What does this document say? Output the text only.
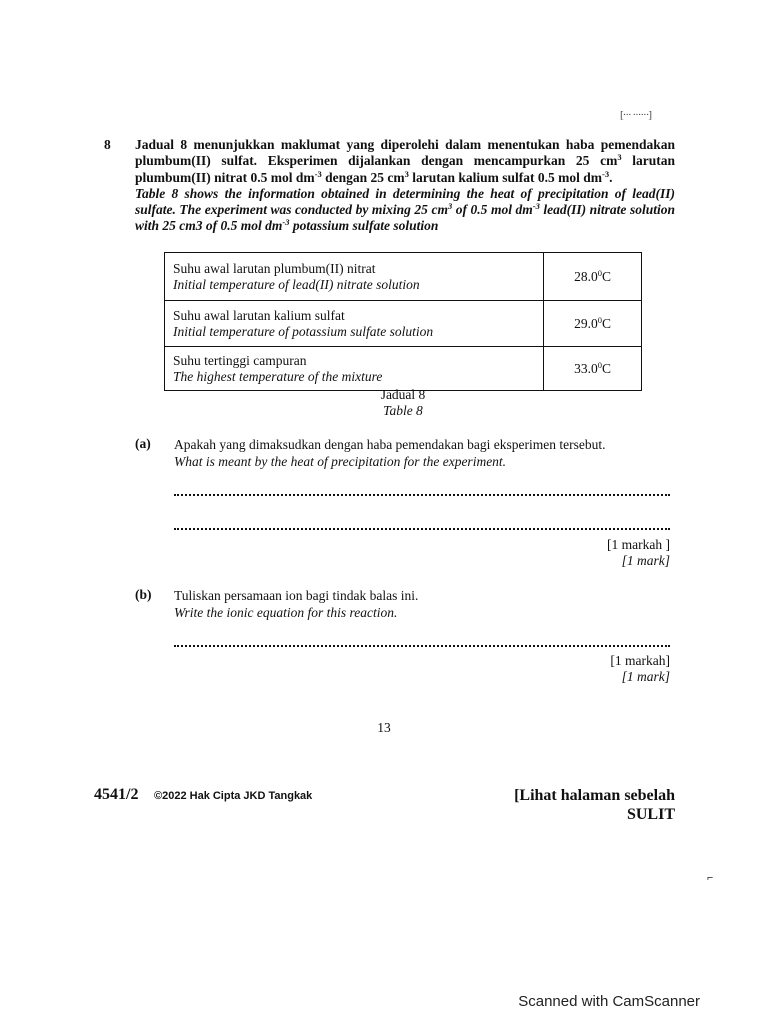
[··· ······]
8 Jadual 8 menunjukkan maklumat yang diperolehi dalam menentukan haba pemendakan plumbum(II) sulfat. Eksperimen dijalankan dengan mencampurkan 25 $cm^3$ larutan plumbum(II) nitrat 0.5 mol $dm^{-3}$ dengan 25 $cm^3$ larutan kalium sulfat 0.5 mol $dm^{-3}$.

Table 8 shows the information obtained in determining the heat of precipitation of lead(II) sulfate. The experiment was conducted by mixing 25 $cm^3$ of 0.5 mol $dm^{-3}$ lead(II) nitrate solution with 25 cm3 of 0.5 mol $dm^{-3}$ potassium sulfate solution

Suhu awal larutan plumbum(II) nitrat
Initial temperature of lead(II) nitrate solution	28.0$^0$C

Suhu awal larutan kalium sulfat
Initial temperature of potassium sulfate solution	29.0$^0$C

Suhu tertinggi campuran
The highest temperature of the mixture	33.0$^0$C
Jadual 8
Table 8
(a) Apakah yang dimaksudkan dengan haba pemendakan bagi eksperimen tersebut.
What is meant by the heat of precipitation for the experiment.
[1 markah ]
[1 mark]
(b) Tuliskan persamaan ion bagi tindak balas ini.
Write the ionic equation for this reaction.
[1 markah]
[1 mark]
13
4541/2 ©2022 Hak Cipta JKD Tangkak	[Lihat halaman sebelah
SULIT
⌐
Scanned with CamScanner
